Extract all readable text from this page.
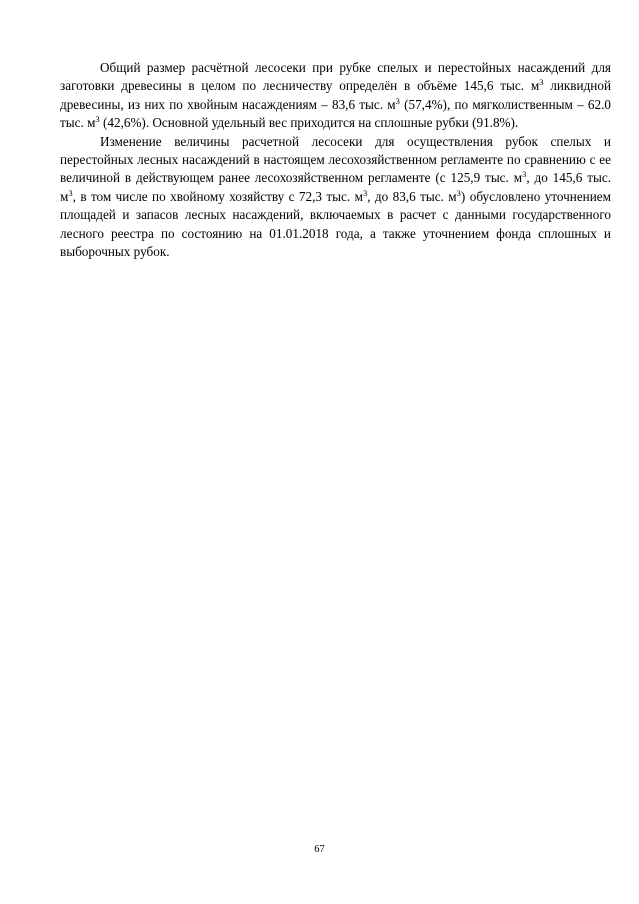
Общий размер расчётной лесосеки при рубке спелых и перестойных насаждений для заготовки древесины в целом по лесничеству определён в объёме 145,6 тыс. $м^3$ ликвидной древесины, из них по хвойным насаждениям – 83,6 тыс. $м^3$ (57,4%), по мягколиственным – 62.0 тыс. $м^3$ (42,6%). Основной удельный вес приходится на сплошные рубки (91.8%).

Изменение величины расчетной лесосеки для осуществления рубок спелых и перестойных лесных насаждений в настоящем лесохозяйственном регламенте по сравнению с ее величиной в действующем ранее лесохозяйственном регламенте (с 125,9 тыс. $м^3$, до 145,6 тыс. $м^3$, в том числе по хвойному хозяйству с 72,3 тыс. $м^3$, до 83,6 тыс. $м^3$) обусловлено уточнением площадей и запасов лесных насаждений, включаемых в расчет с данными государственного лесного реестра по состоянию на 01.01.2018 года, а также уточнением фонда сплошных и выборочных рубок.

67
